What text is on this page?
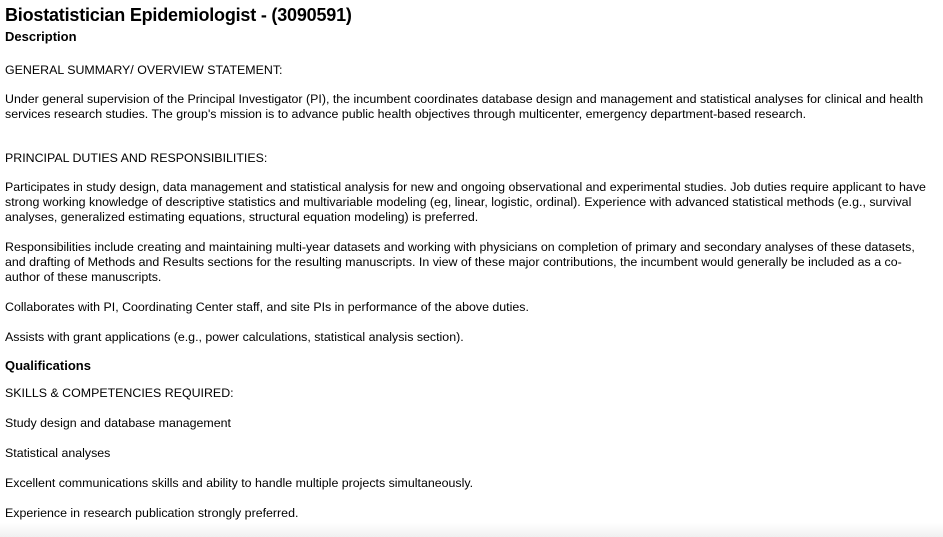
Biostatistician Epidemiologist - (3090591)
Description

GENERAL SUMMARY/ OVERVIEW STATEMENT:

Under general supervision of the Principal Investigator (PI), the incumbent coordinates database design and management and statistical analyses for clinical and health services research studies. The group's mission is to advance public health objectives through multicenter, emergency department-based research.

PRINCIPAL DUTIES AND RESPONSIBILITIES:

Participates in study design, data management and statistical analysis for new and ongoing observational and experimental studies. Job duties require applicant to have strong working knowledge of descriptive statistics and multivariable modeling (eg, linear, logistic, ordinal). Experience with advanced statistical methods (e.g., survival analyses, generalized estimating equations, structural equation modeling) is preferred.

Responsibilities include creating and maintaining multi-year datasets and working with physicians on completion of primary and secondary analyses of these datasets, and drafting of Methods and Results sections for the resulting manuscripts. In view of these major contributions, the incumbent would generally be included as a co-author of these manuscripts.

Collaborates with PI, Coordinating Center staff, and site PIs in performance of the above duties.

Assists with grant applications (e.g., power calculations, statistical analysis section).

Qualifications

SKILLS & COMPETENCIES REQUIRED:

Study design and database management

Statistical analyses

Excellent communications skills and ability to handle multiple projects simultaneously.

Experience in research publication strongly preferred.
